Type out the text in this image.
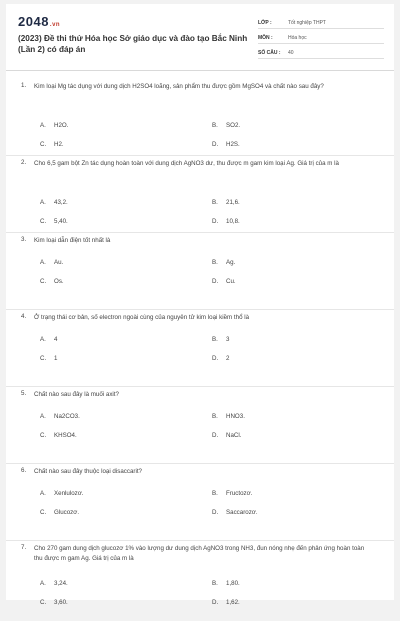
2048.vn
(2023) Đề thi thử Hóa học Sở giáo dục và đào tạo Bắc Ninh (Lần 2) có đáp án
LỚP :	Tốt nghiệp THPT
MÔN :	Hóa học
SỐ CÂU :	40
1. Kim loại Mg tác dụng với dung dịch H2SO4 loãng, sản phẩm thu được gồm MgSO4 và chất nào sau đây?
A. H2O.	B. SO2.
C. H2.	D. H2S.
2. Cho 6,5 gam bột Zn tác dụng hoàn toàn với dung dịch AgNO3 dư, thu được m gam kim loại Ag. Giá trị của m là
A. 43,2.	B. 21,6.
C. 5,40.	D. 10,8.
3. Kim loại dẫn điện tốt nhất là
A. Au.	B. Ag.
C. Os.	D. Cu.
4. Ở trạng thái cơ bản, số electron ngoài cùng của nguyên tử kim loại kiềm thổ là
A. 4	B. 3
C. 1	D. 2
5. Chất nào sau đây là muối axit?
A. Na2CO3.	B. HNO3.
C. KHSO4.	D. NaCl.
6. Chất nào sau đây thuộc loại disaccarit?
A. Xenlulozơ.	B. Fructozơ.
C. Glucozơ.	D. Saccarozơ.
7. Cho 270 gam dung dịch glucozơ 1% vào lượng dư dung dịch AgNO3 trong NH3, đun nóng nhẹ đến phản ứng hoàn toàn thu được m gam Ag. Giá trị của m là
A. 3,24.	B. 1,80.
C. 3,60.	D. 1,62.
